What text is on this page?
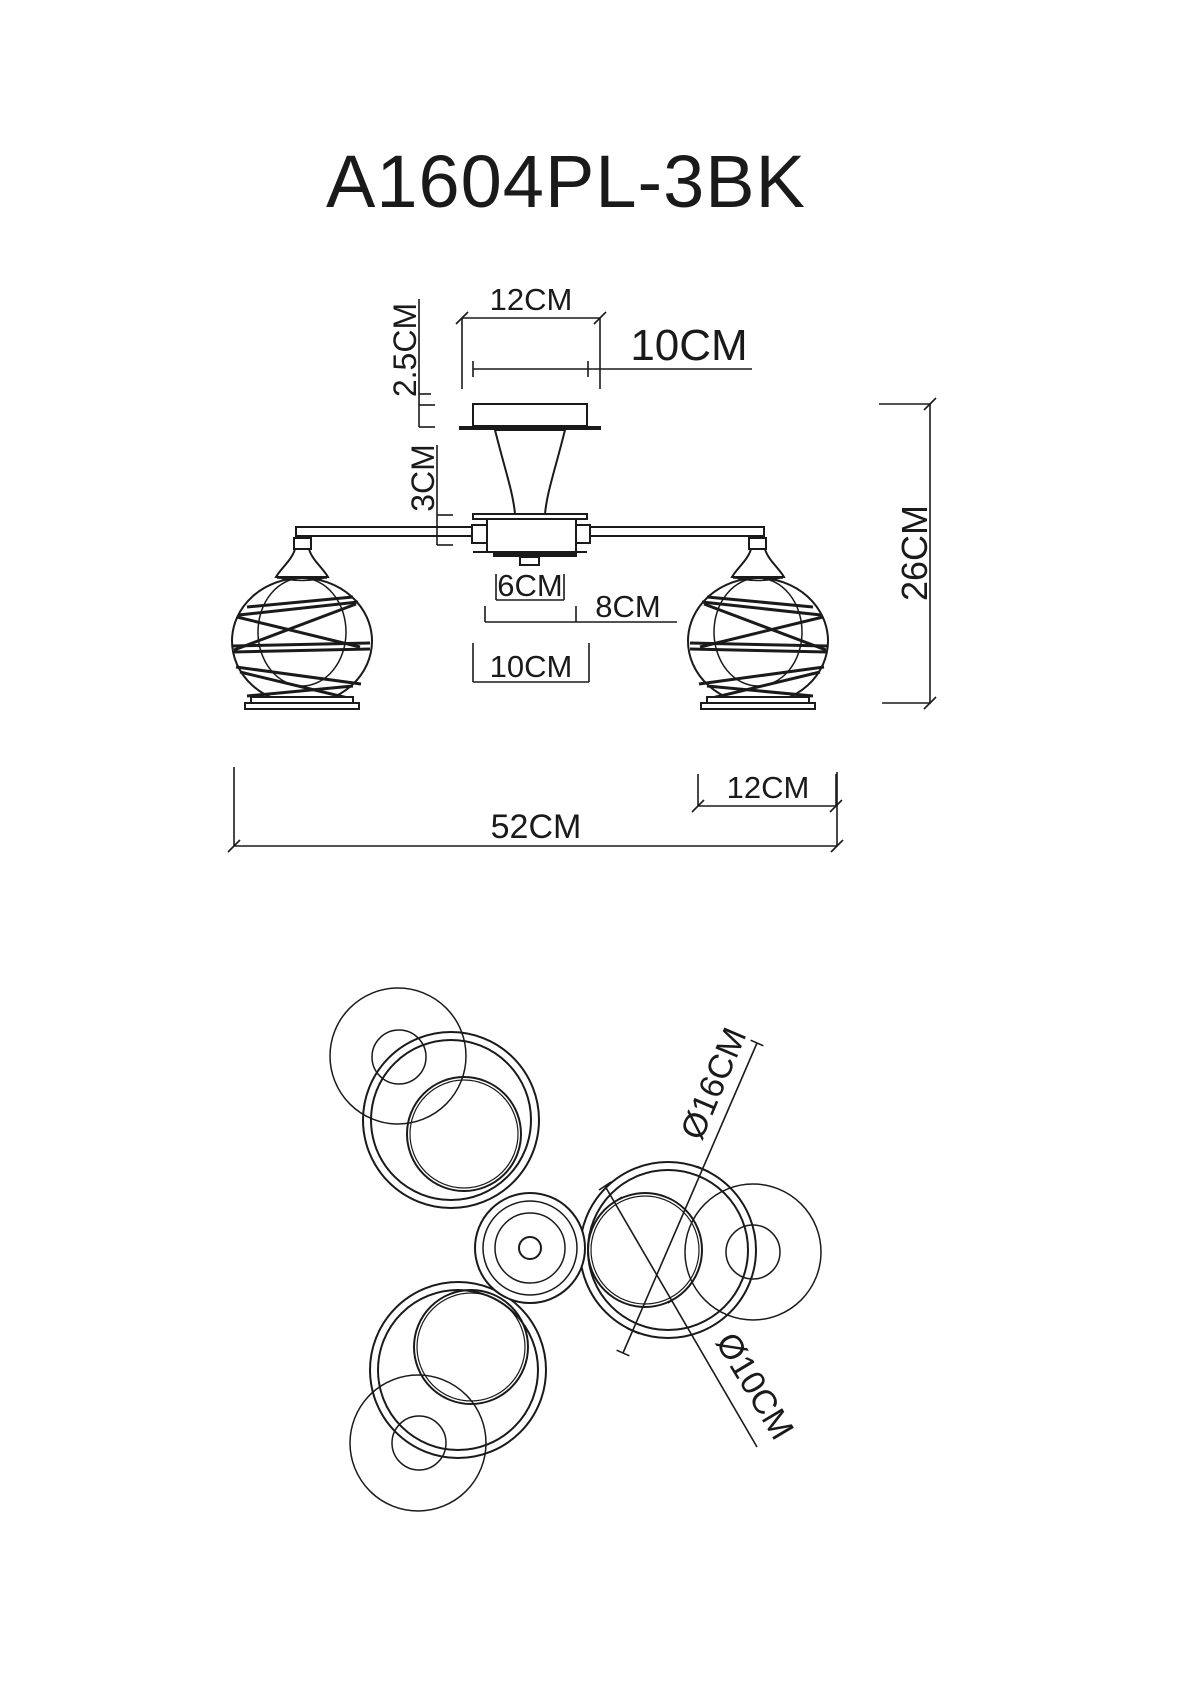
A1604PL-3BK
12CM
10CM
2.5CM
3CM
6CM
8CM
10CM
12CM
52CM
26CM
Ø16CM
Ø10CM
